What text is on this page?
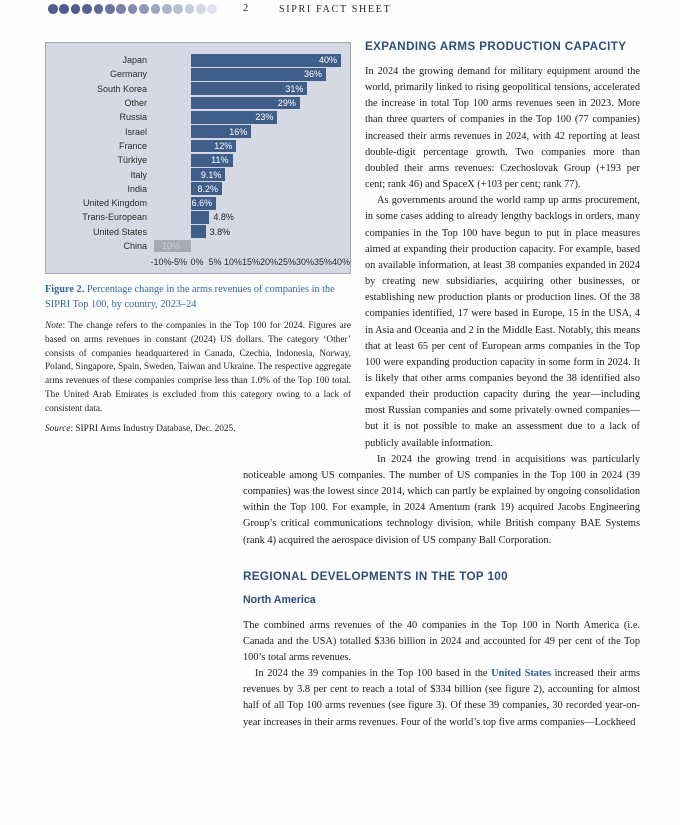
2	SIPRI FACT SHEET
Japan	40%
Germany	36%
South Korea	31%
Other	29%
Russia	23%
Israel	16%
France	12%
Türkiye	11%
Italy	9.1%
India	8.2%
United Kingdom	6.6%
Trans-European	4.8%
United States	3.8%
China	-10%
-10% -5% 0% 5% 10% 15% 20% 25% 30% 35% 40%
Figure 2. Percentage change in the arms revenues of companies in the SIPRI Top 100, by country, 2023–24
Note: The change refers to the companies in the Top 100 for 2024. Figures are based on arms revenues in constant (2024) US dollars. The category ‘Other’ consists of companies headquartered in Canada, Czechia, Indonesia, Norway, Poland, Singapore, Spain, Sweden, Taiwan and Ukraine. The respective aggregate arms revenues of these companies comprise less than 1.0% of the Top 100 total. The United Arab Emirates is excluded from this category owing to a lack of consistent data.
Source: SIPRI Arms Industry Database, Dec. 2025.
EXPANDING ARMS PRODUCTION CAPACITY

In 2024 the growing demand for military equipment around the world, primarily linked to rising geopolitical tensions, accelerated the increase in total Top 100 arms revenues seen in 2023. More than three quarters of companies in the Top 100 (77 companies) increased their arms revenues in 2024, with 42 reporting at least double-digit percentage growth. Two companies more than doubled their arms revenues: Czechoslovak Group (+193 per cent; rank 46) and SpaceX (+103 per cent; rank 77).

As governments around the world ramp up arms procurement, in some cases adding to already lengthy backlogs in orders, many companies in the Top 100 have begun to put in place measures aimed at expanding their production capacity. For example, based on available information, at least 38 companies expanded in 2024 by creating new subsidiaries, acquiring other businesses, or establishing new production plants or production lines. Of the 38 companies identified, 17 were based in Europe, 15 in the USA, 4 in Asia and Oceania and 2 in the Middle East. Notably, this means that at least 65 per cent of European arms companies in the Top 100 were expanding production capacity in some form in 2024. It is likely that other arms companies beyond the 38 identified also expanded their production capacity during the year—including most Russian companies and some privately owned companies—but it is not possible to make an assessment due to a lack of publicly available information.

In 2024 the growing trend in acquisitions was particularly noticeable among US companies. The number of US companies in the Top 100 in 2024 (39 companies) was the lowest since 2014, which can partly be explained by ongoing consolidation within the Top 100. For example, in 2024 Amentum (rank 19) acquired Jacobs Engineering Group’s critical communications technology division, while British company BAE Systems (rank 4) acquired the aerospace division of US company Ball Corporation.

REGIONAL DEVELOPMENTS IN THE TOP 100
North America

The combined arms revenues of the 40 companies in the Top 100 in North America (i.e. Canada and the USA) totalled $336 billion in 2024 and accounted for 49 per cent of the Top 100’s total arms revenues.

In 2024 the 39 companies in the Top 100 based in the United States increased their arms revenues by 3.8 per cent to reach a total of $334 billion (see figure 2), accounting for almost half of all Top 100 arms revenues (see figure 3). Of these 39 companies, 30 recorded year-on-year increases in their arms revenues. Four of the world’s top five arms companies—Lockheed
